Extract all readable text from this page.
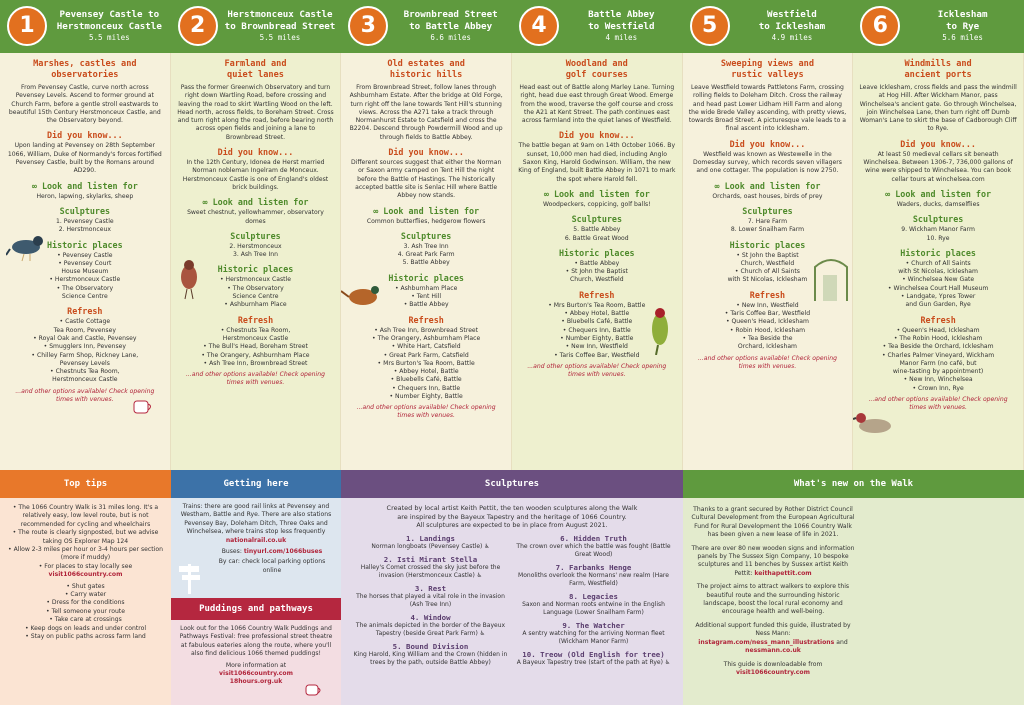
1	Pevensey Castle to
Herstmonceux Castle
5.5 miles	2	Herstmonceux Castle
to Brownbread Street
5.5 miles	3	Brownbread Street
to Battle Abbey
6.6 miles	4	Battle Abbey
to Westfield
4 miles	5	Westfield
to Icklesham
4.9 miles	6	Icklesham
to Rye
5.6 miles
Marshes, castles and
observatories
From Pevensey Castle, curve north across Pevensey Levels. Ascend to former ground at Church Farm, before a gentle stroll eastwards to beautiful 15th Century Herstmonceux Castle, and the Observatory beyond.
Did you know...
Upon landing at Pevensey on 28th September 1066, William, Duke of Normandy's forces fortified Pevensey Castle, built by the Romans around AD290.
∞ Look and listen for
Heron, lapwing, skylarks, sheep
Sculptures
1. Pevensey Castle
2. Herstmonceux
Historic places
• Pevensey Castle
• Pevensey Court
House Museum
• Herstmonceux Castle
• The Observatory
Science Centre
Refresh
• Castle Cottage
Tea Room, Pevensey
• Royal Oak and Castle, Pevensey
• Smugglers Inn, Pevensey
• Chilley Farm Shop, Rickney Lane,
Pevensey Levels
• Chestnuts Tea Room,
Herstmonceux Castle
...and other options available! Check opening times with venues.
Farmland and
quiet lanes
Pass the former Greenwich Observatory and turn right down Wartling Road, before crossing and leaving the road to skirt Wartling Wood on the left. Head north, across fields, to Boreham Street. Cross and turn right along the road, before bearing north across open fields and joining a lane to Brownbread Street.
Did you know...
In the 12th Century, Idonea de Herst married Norman nobleman Ingelram de Monceux. Herstmonceux Castle is one of England's oldest brick buildings.
∞ Look and listen for
Sweet chestnut, yellowhammer, observatory domes
Sculptures
2. Herstmonceux
3. Ash Tree Inn
Historic places
• Herstmonceux Castle
• The Observatory
Science Centre
• Ashburnham Place
Refresh
• Chestnuts Tea Room,
Herstmonceux Castle
• The Bull's Head, Boreham Street
• The Orangery, Ashburnham Place
• Ash Tree Inn, Brownbread Street
...and other options available! Check opening times with venues.
Old estates and
historic hills
From Brownbread Street, follow lanes through Ashburnham Estate. After the bridge at Old Forge, turn right off the lane towards Tent Hill's stunning views. Across the A271 take a track through Normanhurst Estate to Catsfield and cross the B2204. Descend through Powdermill Wood and up through fields to Battle Abbey.
Did you know...
Different sources suggest that either the Norman or Saxon army camped on Tent Hill the night before the Battle of Hastings. The historically accepted battle site is Senlac Hill where Battle Abbey now stands.
∞ Look and listen for
Common butterflies, hedgerow flowers
Sculptures
3. Ash Tree Inn
4. Great Park Farm
5. Battle Abbey
Historic places
• Ashburnham Place
• Tent Hill
• Battle Abbey
Refresh
• Ash Tree Inn, Brownbread Street
• The Orangery, Ashburnham Place
• White Hart, Catsfield
• Great Park Farm, Catsfield
• Mrs Burton's Tea Room, Battle
• Abbey Hotel, Battle
• Bluebells Café, Battle
• Chequers Inn, Battle
• Number Eighty, Battle
...and other options available! Check opening times with venues.
Woodland and
golf courses
Head east out of Battle along Marley Lane. Turning right, head due east through Great Wood. Emerge from the wood, traverse the golf course and cross the A21 at Kent Street. The path continues east across farmland into the quiet lanes of Westfield.
Did you know...
The battle began at 9am on 14th October 1066. By sunset, 10,000 men had died, including Anglo Saxon King, Harold Godwinson. William, the new King of England, built Battle Abbey in 1071 to mark the spot where Harold fell.
∞ Look and listen for
Woodpeckers, coppicing, golf balls!
Sculptures
5. Battle Abbey
6. Battle Great Wood
Historic places
• Battle Abbey
• St John the Baptist
Church, Westfield
Refresh
• Mrs Burton's Tea Room, Battle
• Abbey Hotel, Battle
• Bluebells Café, Battle
• Chequers Inn, Battle
• Number Eighty, Battle
• New Inn, Westfield
• Taris Coffee Bar, Westfield
...and other options available! Check opening times with venues.
Sweeping views and
rustic valleys
Leave Westfield towards Pattletons Farm, crossing rolling fields to Doleham Ditch. Cross the railway and head past Lower Lidham Hill Farm and along the wide Brede Valley ascending, with pretty views, towards Broad Street. A picturesque vale leads to a final ascent into Icklesham.
Did you know...
Westfield was known as Westewelle in the Domesday survey, which records seven villagers and one cottager. The population is now 2750.
∞ Look and listen for
Orchards, oast houses, birds of prey
Sculptures
7. Hare Farm
8. Lower Snailham Farm
Historic places
• St John the Baptist
Church, Westfield
• Church of All Saints
with St Nicolas, Icklesham
Refresh
• New Inn, Westfield
• Taris Coffee Bar, Westfield
• Queen's Head, Icklesham
• Robin Hood, Icklesham
• Tea Beside the
Orchard, Icklesham
...and other options available! Check opening times with venues.
Windmills and
ancient ports
Leave Icklesham, cross fields and pass the windmill at Hog Hill. After Wickham Manor, pass Winchelsea's ancient gate. Go through Winchelsea, join Winchelsea Lane, then turn right off Dumb Woman's Lane to skirt the base of Cadborough Cliff to Rye.
Did you know...
At least 50 medieval cellars sit beneath Winchelsea. Between 1306-7, 736,000 gallons of wine were shipped to Winchelsea. You can book cellar tours at winchelsea.com
∞ Look and listen for
Waders, ducks, damselflies
Sculptures
9. Wickham Manor Farm
10. Rye
Historic places
• Church of All Saints
with St Nicolas, Icklesham
• Winchelsea New Gate
• Winchelsea Court Hall Museum
• Landgate, Ypres Tower
and Gun Garden, Rye
Refresh
• Queen's Head, Icklesham
• The Robin Hood, Icklesham
• Tea Beside the Orchard, Icklesham
• Charles Palmer Vineyard, Wickham
Manor Farm (no café, but
wine-tasting by appointment)
• New Inn, Winchelsea
• Crown Inn, Rye
...and other options available! Check opening times with venues.
Top tips
• The 1066 Country Walk is 31 miles long. It's a relatively easy, low level route, but is not recommended for cycling and wheelchairs
• The route is clearly signposted, but we advise taking OS Explorer Map 124
• Allow 2-3 miles per hour or 3-4 hours per section (more if muddy)
• For places to stay locally see
visit1066country.com
• Shut gates
• Carry water
• Dress for the conditions
• Tell someone your route
• Take care at crossings
• Keep dogs on leads and under control
• Stay on public paths across farm land
Getting here
Trains: there are good rail links at Pevensey and Westham, Battle and Rye. There are also stations Pevensey Bay, Doleham Ditch, Three Oaks and Winchelsea, where trains stop less frequently
nationalrail.co.uk
Buses: tinyurl.com/1066buses
By car: check local parking options online
Puddings and pathways
Look out for the 1066 Country Walk Puddings and Pathways Festival: free professional street theatre at fabulous eateries along the route, where you'll also find delicious 1066 themed puddings!
More information at
visit1066country.com
18hours.org.uk
Sculptures
Created by local artist Keith Pettit, the ten wooden sculptures along the Walk are inspired by the Bayeux Tapestry and the heritage of 1066 Country.
All sculptures are expected to be in place from August 2021.
1. Landings
Norman longboats (Pevensey Castle) ♿
2. Isti Mirant Stella
Halley's Comet crossed the sky just before the invasion (Herstmonceux Castle) ♿
3. Rest
The horses that played a vital role in the invasion (Ash Tree Inn)
4. Window
The animals depicted in the border of the Bayeux Tapestry (beside Great Park Farm) ♿
5. Bound Division
King Harold, King William and the Crown (hidden in trees by the path, outside Battle Abbey)
6. Hidden Truth
The crown over which the battle was fought (Battle Great Wood)
7. Farbanks Henge
Monoliths overlook the Normans' new realm (Hare Farm, Westfield)
8. Legacies
Saxon and Norman roots entwine in the English Language (Lower Snailham Farm)
9. The Watcher
A sentry watching for the arriving Norman fleet (Wickham Manor Farm)
10. Treow (Old English for tree)
A Bayeux Tapestry tree (start of the path at Rye) ♿
What's new on the Walk
Thanks to a grant secured by Rother District Council Cultural Development from the European Agricultural Fund for Rural Development the 1066 Country Walk has been given a new lease of life in 2021.
There are over 80 new wooden signs and information panels by The Sussex Sign Company, 10 bespoke sculptures and 11 benches by Sussex artist Keith Pettit: keithapettit.com
The project aims to attract walkers to explore this beautiful route and the surrounding historic landscape, boost the local rural economy and encourage health and well-being.
Additional support funded this guide, illustrated by Ness Mann: instagram.com/ness_mann_illustrations and nessmann.co.uk
This guide is downloadable from
visit1066country.com
